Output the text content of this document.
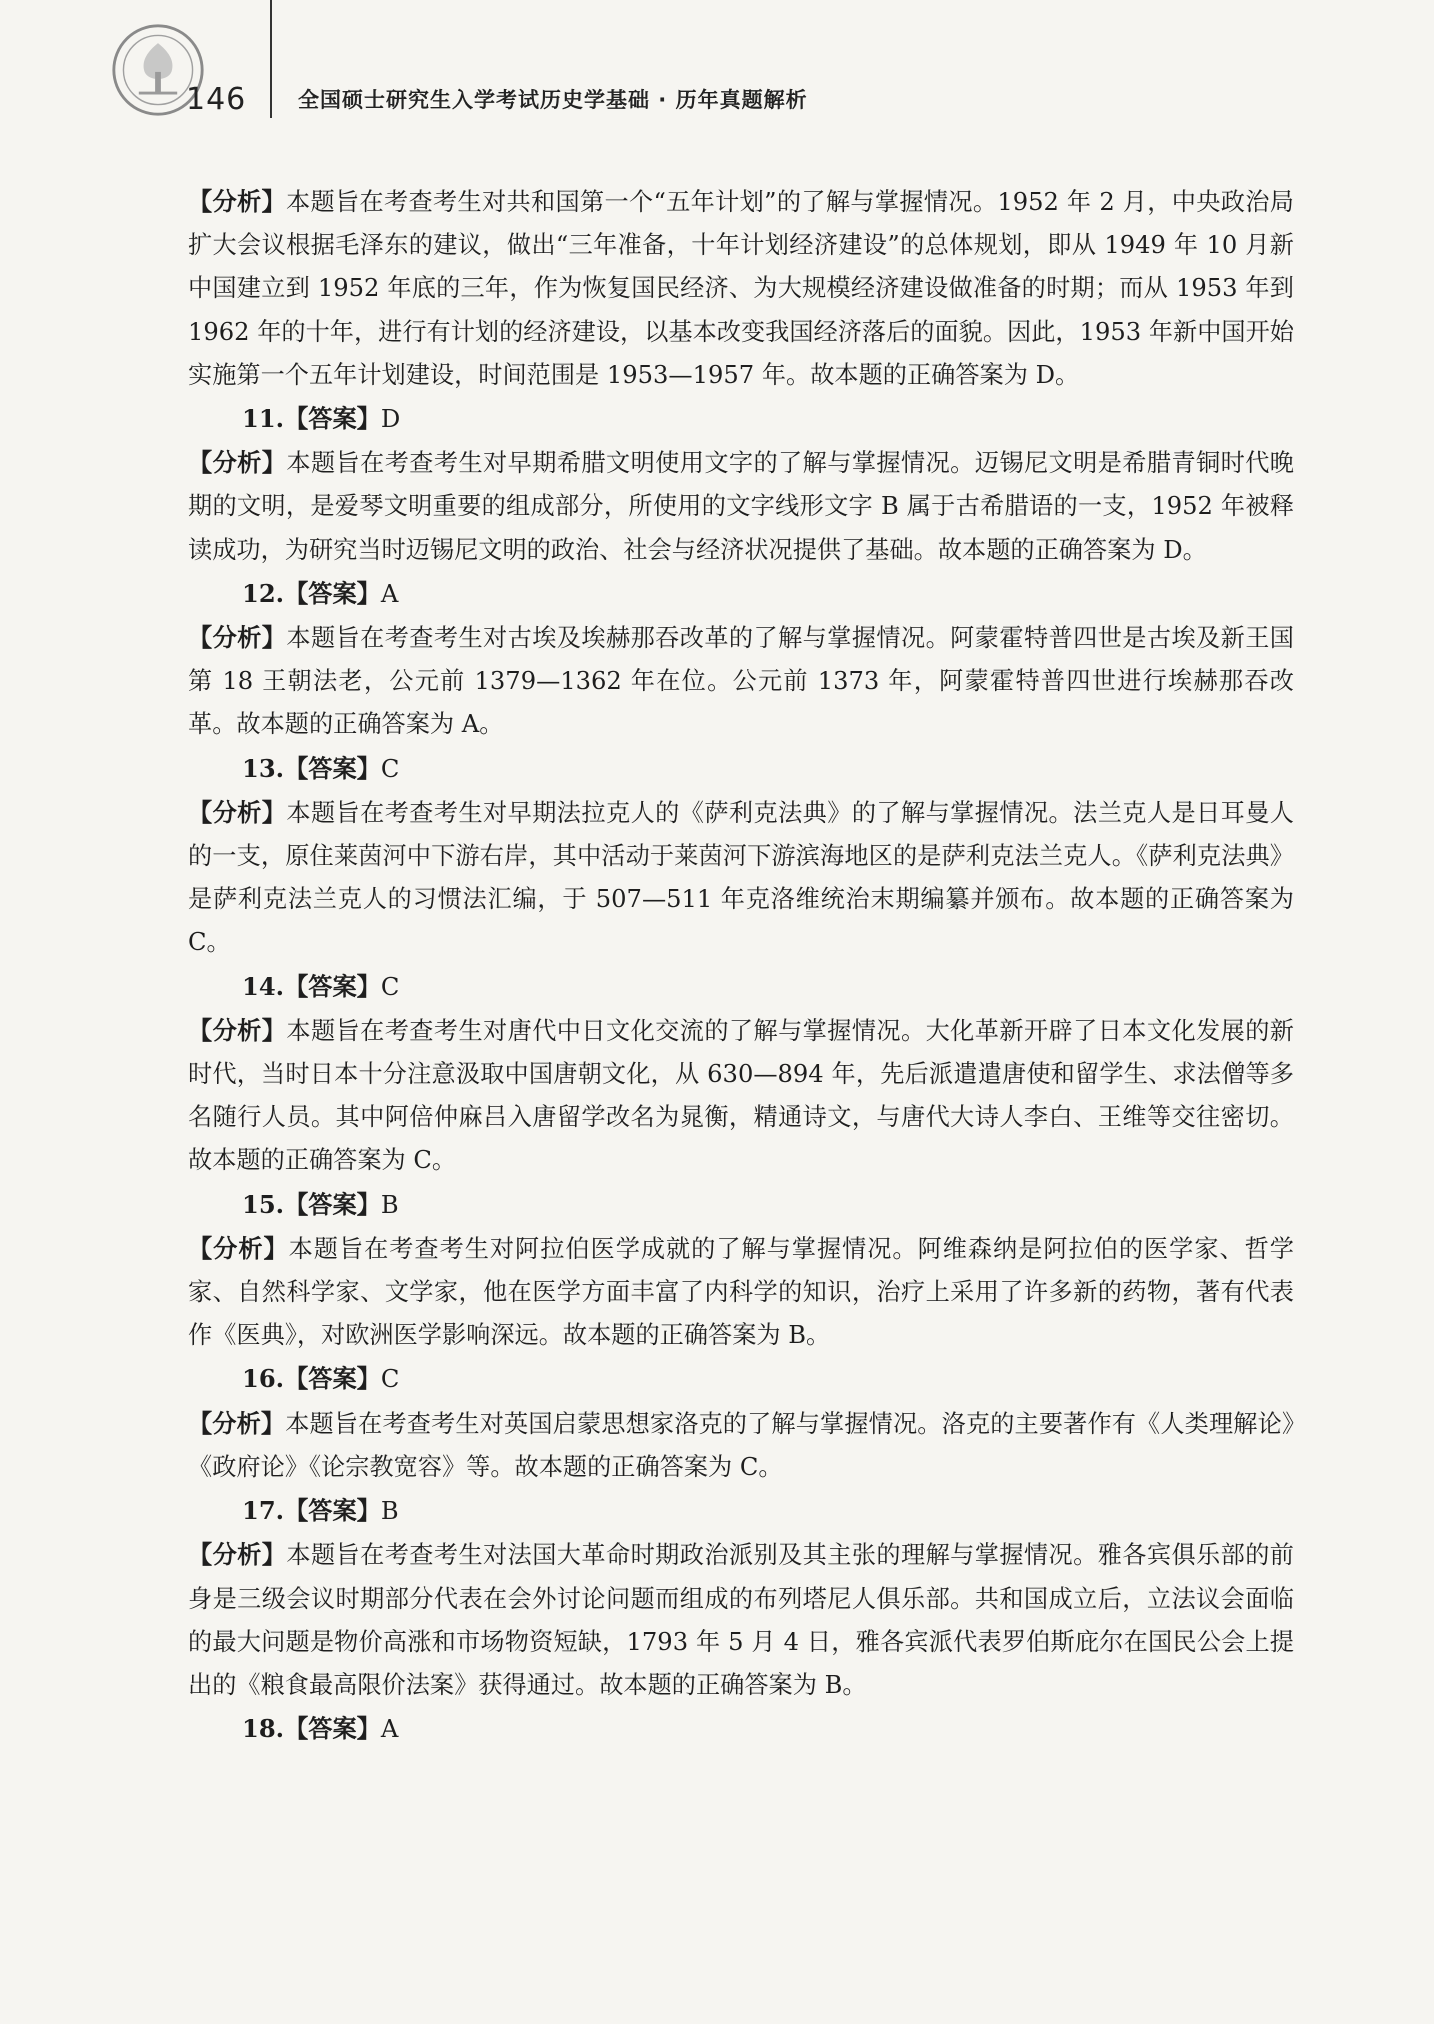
146 全国硕士研究生入学考试历史学基础 · 历年真题解析

【分析】本题旨在考查考生对共和国第一个“五年计划”的了解与掌握情况。1952 年 2 月，中央政治局扩大会议根据毛泽东的建议，做出“三年准备，十年计划经济建设”的总体规划，即从 1949 年 10 月新中国建立到 1952 年底的三年，作为恢复国民经济、为大规模经济建设做准备的时期；而从 1953 年到 1962 年的十年，进行有计划的经济建设，以基本改变我国经济落后的面貌。因此，1953 年新中国开始实施第一个五年计划建设，时间范围是 1953—1957 年。故本题的正确答案为 D。

11.【答案】D

【分析】本题旨在考查考生对早期希腊文明使用文字的了解与掌握情况。迈锡尼文明是希腊青铜时代晚期的文明，是爱琴文明重要的组成部分，所使用的文字线形文字 B 属于古希腊语的一支，1952 年被释读成功，为研究当时迈锡尼文明的政治、社会与经济状况提供了基础。故本题的正确答案为 D。

12.【答案】A

【分析】本题旨在考查考生对古埃及埃赫那吞改革的了解与掌握情况。阿蒙霍特普四世是古埃及新王国第 18 王朝法老，公元前 1379—1362 年在位。公元前 1373 年，阿蒙霍特普四世进行埃赫那吞改革。故本题的正确答案为 A。

13.【答案】C

【分析】本题旨在考查考生对早期法拉克人的《萨利克法典》的了解与掌握情况。法兰克人是日耳曼人的一支，原住莱茵河中下游右岸，其中活动于莱茵河下游滨海地区的是萨利克法兰克人。《萨利克法典》是萨利克法兰克人的习惯法汇编，于 507—511 年克洛维统治末期编纂并颁布。故本题的正确答案为 C。

14.【答案】C

【分析】本题旨在考查考生对唐代中日文化交流的了解与掌握情况。大化革新开辟了日本文化发展的新时代，当时日本十分注意汲取中国唐朝文化，从 630—894 年，先后派遣遣唐使和留学生、求法僧等多名随行人员。其中阿倍仲麻吕入唐留学改名为晁衡，精通诗文，与唐代大诗人李白、王维等交往密切。故本题的正确答案为 C。

15.【答案】B

【分析】本题旨在考查考生对阿拉伯医学成就的了解与掌握情况。阿维森纳是阿拉伯的医学家、哲学家、自然科学家、文学家，他在医学方面丰富了内科学的知识，治疗上采用了许多新的药物，著有代表作《医典》，对欧洲医学影响深远。故本题的正确答案为 B。

16.【答案】C

【分析】本题旨在考查考生对英国启蒙思想家洛克的了解与掌握情况。洛克的主要著作有《人类理解论》《政府论》《论宗教宽容》等。故本题的正确答案为 C。

17.【答案】B

【分析】本题旨在考查考生对法国大革命时期政治派别及其主张的理解与掌握情况。雅各宾俱乐部的前身是三级会议时期部分代表在会外讨论问题而组成的布列塔尼人俱乐部。共和国成立后，立法议会面临的最大问题是物价高涨和市场物资短缺，1793 年 5 月 4 日，雅各宾派代表罗伯斯庇尔在国民公会上提出的《粮食最高限价法案》获得通过。故本题的正确答案为 B。

18.【答案】A
